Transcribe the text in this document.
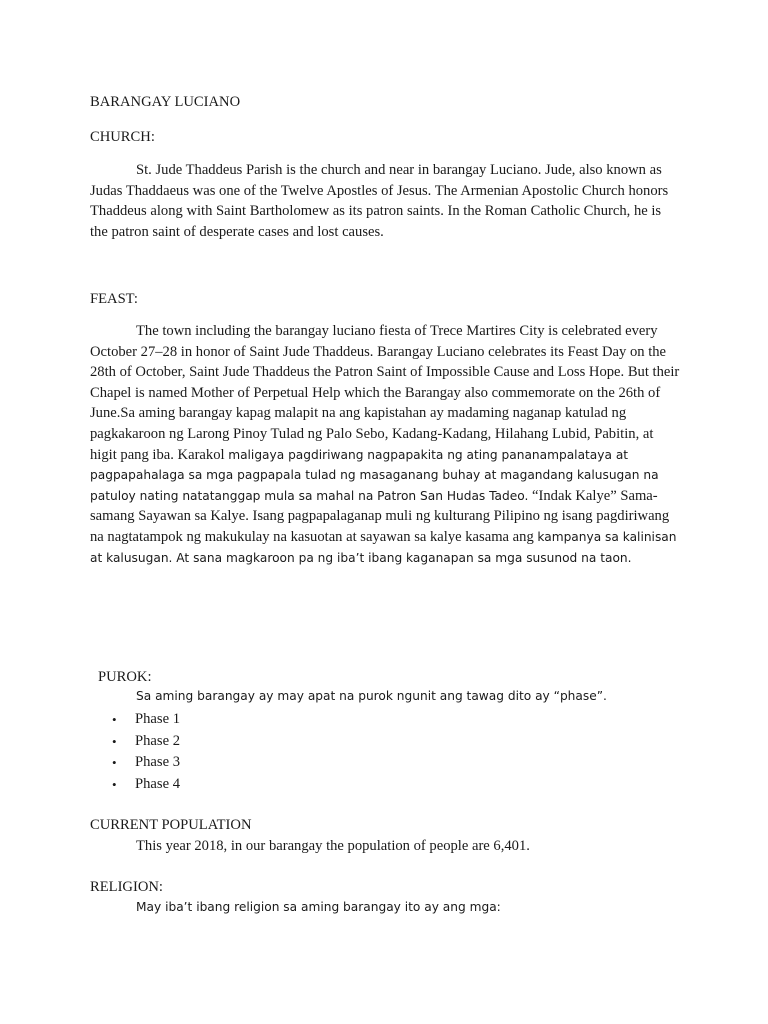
BARANGAY LUCIANO
CHURCH:

St. Jude Thaddeus Parish is the church and near in barangay Luciano. Jude, also known as Judas Thaddaeus was one of the Twelve Apostles of Jesus. The Armenian Apostolic Church honors Thaddeus along with Saint Bartholomew as its patron saints. In the Roman Catholic Church, he is the patron saint of desperate cases and lost causes.

FEAST:

The town including the barangay luciano fiesta of Trece Martires City is celebrated every October 27–28 in honor of Saint Jude Thaddeus. Barangay Luciano celebrates its Feast Day on the 28th of October, Saint Jude Thaddeus the Patron Saint of Impossible Cause and Loss Hope. But their Chapel is named Mother of Perpetual Help which the Barangay also commemorate on the 26th of June.Sa aming barangay kapag malapit na ang kapistahan ay madaming naganap katulad ng pagkakaroon ng Larong Pinoy Tulad ng Palo Sebo, Kadang-Kadang, Hilahang Lubid, Pabitin, at higit pang iba. Karakol maligaya pagdiriwang nagpapakita ng ating pananampalataya at pagpapahalaga sa mga pagpapala tulad ng masaganang buhay at magandang kalusugan na patuloy nating natatanggap mula sa mahal na Patron San Hudas Tadeo. “Indak Kalye” Sama-samang Sayawan sa Kalye. Isang pagpapalaganap muli ng kulturang Pilipino ng isang pagdiriwang na nagtatampok ng makukulay na kasuotan at sayawan sa kalye kasama ang kampanya sa kalinisan at kalusugan. At sana magkaroon pa ng iba’t ibang kaganapan sa mga susunod na taon.

PUROK:
Sa aming barangay ay may apat na purok ngunit ang tawag dito ay “phase”.
• Phase 1
• Phase 2
• Phase 3
• Phase 4
CURRENT POPULATION
This year 2018, in our barangay the population of people are 6,401.
RELIGION:
May iba’t ibang religion sa aming barangay ito ay ang mga:
